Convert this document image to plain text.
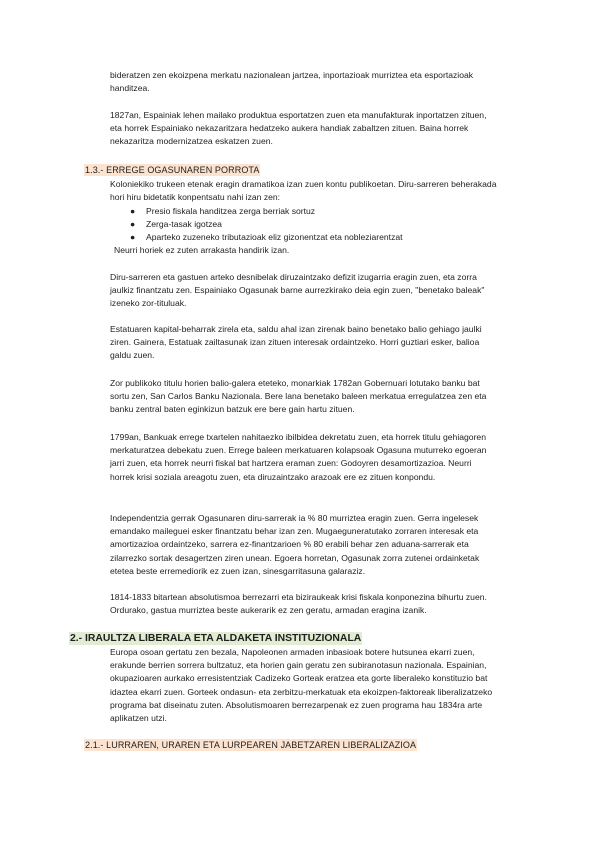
bideratzen zen ekoizpena merkatu nazionalean jartzea, inportazioak murriztea eta esportazioak handitzea.

1827an, Espainiak lehen mailako produktua esportatzen zuen eta manufakturak inportatzen zituen, eta horrek Espainiako nekazaritzara hedatzeko aukera handiak zabaltzen zituen. Baina horrek nekazaritza modernizatzea eskatzen zuen.

1.3.- ERREGE OGASUNAREN PORROTA

Koloniekiko trukeen etenak eragin dramatikoa izan zuen kontu publikoetan. Diru-sarreren beherakada hori hiru bidetatik konpentsatu nahi izan zen:

● Presio fiskala handitzea zerga berriak sortuz
● Zerga-tasak igotzea
● Aparteko zuzeneko tributazioak eliz gizonentzat eta nobleziarentzat

Neurri horiek ez zuten arrakasta handirik izan.

Diru-sarreren eta gastuen arteko desnibelak diruzaintzako defizit izugarria eragin zuen, eta zorra jaulkiz finantzatu zen. Espainiako Ogasunak barne aurrezkirako deia egin zuen, "benetako baleak" izeneko zor-tituluak.

Estatuaren kapital-beharrak zirela eta, saldu ahal izan zirenak baino benetako balio gehiago jaulki ziren. Gainera, Estatuak zailtasunak izan zituen interesak ordaintzeko. Horri guztiari esker, balioa galdu zuen.

Zor publikoko titulu horien balio-galera eteteko, monarkiak 1782an Gobernuari lotutako banku bat sortu zen, San Carlos Banku Nazionala. Bere lana benetako baleen merkatua erregulatzea zen eta banku zentral baten eginkizun batzuk ere bere gain hartu zituen.

1799an, Bankuak errege txartelen nahitaezko ibilbidea dekretatu zuen, eta horrek titulu gehiagoren merkaturatzea debekatu zuen. Errege baleen merkatuaren kolapsoak Ogasuna muturreko egoeran jarri zuen, eta horrek neurri fiskal bat hartzera eraman zuen: Godoyren desamortizazioa. Neurri horrek krisi soziala areagotu zuen, eta diruzaintzako arazoak ere ez zituen konpondu.

Independentzia gerrak Ogasunaren diru-sarrerak ia % 80 murriztea eragin zuen. Gerra ingelesek emandako maileguei esker finantzatu behar izan zen. Mugaeguneratutako zorraren interesak eta amortizazioa ordaintzeko, sarrera ez-finantzarioen % 80 erabili behar zen aduana-sarrerak eta zilarrezko sortak desagertzen ziren unean. Egoera horretan, Ogasunak zorra zutenei ordainketak etetea beste erremediorik ez zuen izan, sinesgarritasuna galaraziz.

1814-1833 bitartean absolutismoa berrezarri eta biziraukeak krisi fiskala konponezina bihurtu zuen. Ordurako, gastua murriztea beste aukerarik ez zen geratu, armadan eragina izanik.

2.- IRAULTZA LIBERALA ETA ALDAKETA INSTITUZIONALA

Europa osoan gertatu zen bezala, Napoleonen armaden inbasioak botere hutsunea ekarri zuen, erakunde berrien sorrera bultzatuz, eta horien gain geratu zen subiranotasun nazionala. Espainian, okupazioaren aurkako erresistentziak Cadizeko Gorteak eratzea eta gorte liberaleko konstituzio bat idaztea ekarri zuen. Gorteek ondasun- eta zerbitzu-merkatuak eta ekoizpen-faktoreak liberalizatzeko programa bat diseinatu zuten. Absolutismoaren berrezarpenak ez zuen programa hau 1834ra arte aplikatzen utzi.

2.1.- LURRAREN, URAREN ETA LURPEAREN JABETZAREN LIBERALIZAZIOA
